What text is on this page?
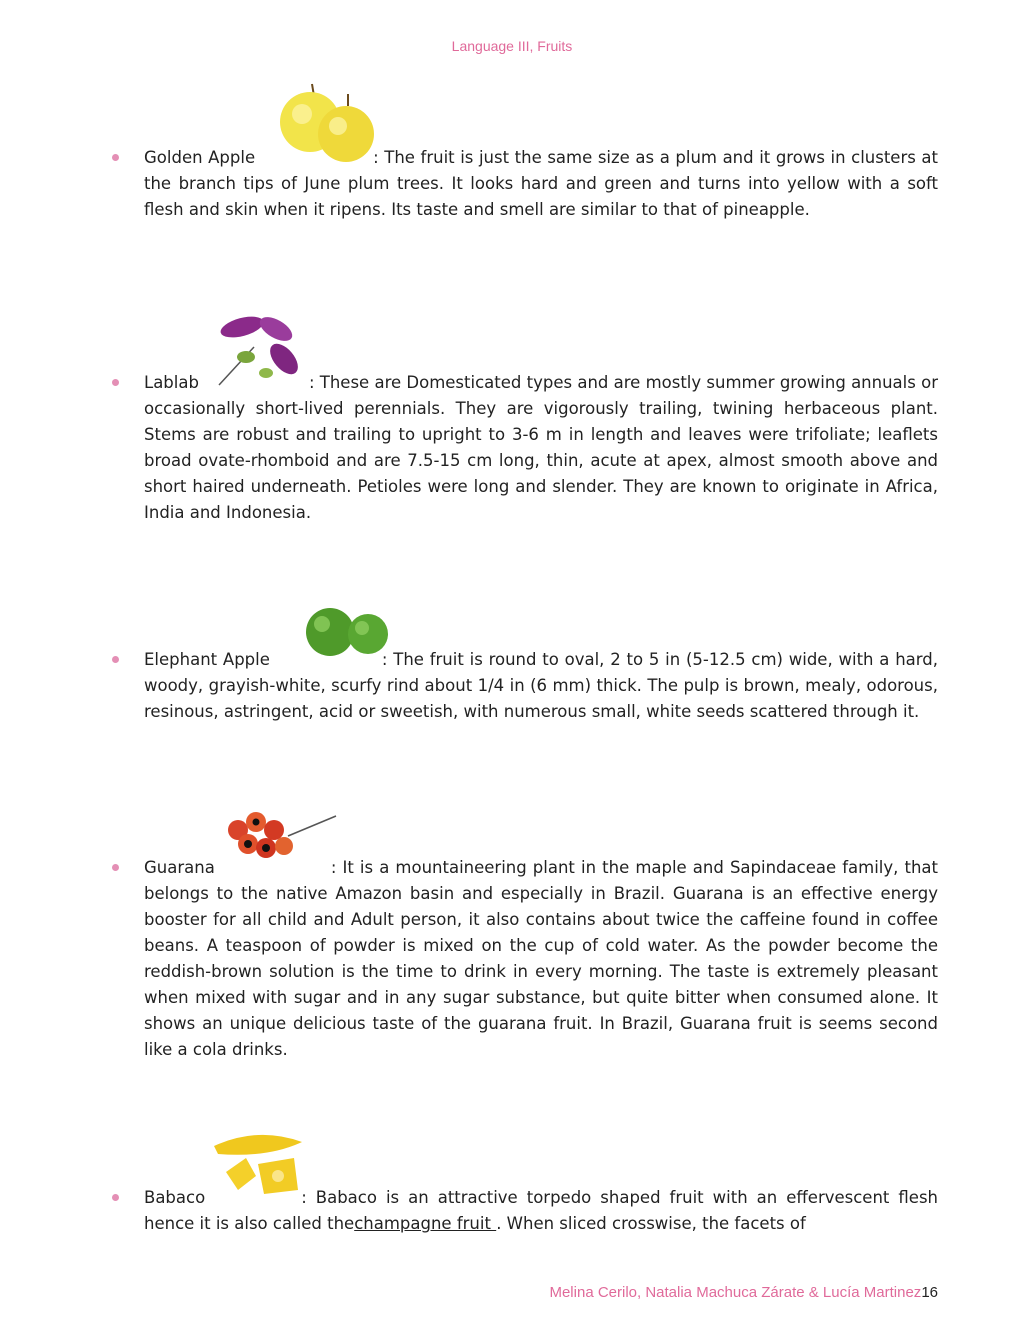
Language III, Fruits

Golden Apple	: The fruit is just the same size as a plum and it grows in clusters at the branch tips of June plum trees. It looks hard and green and turns into yellow with a soft flesh and skin when it ripens. Its taste and smell are similar to that of pineapple.

Lablab	: These are Domesticated types and are mostly summer growing annuals or occasionally short-lived perennials. They are vigorously trailing, twining herbaceous plant. Stems are robust and trailing to upright to 3-6 m in length and leaves were trifoliate; leaflets broad ovate-rhomboid and are 7.5-15 cm long, thin, acute at apex, almost smooth above and short haired underneath. Petioles were long and slender. They are known to originate in Africa, India and Indonesia.

Elephant Apple	: The fruit is round to oval, 2 to 5 in (5-12.5 cm) wide, with a hard, woody, grayish-white, scurfy rind about 1/4 in (6 mm) thick. The pulp is brown, mealy, odorous, resinous, astringent, acid or sweetish, with numerous small, white seeds scattered through it.

Guarana	: It is a mountaineering plant in the maple and Sapindaceae family, that belongs to the native Amazon basin and especially in Brazil. Guarana is an effective energy booster for all child and Adult person, it also contains about twice the caffeine found in coffee beans. A teaspoon of powder is mixed on the cup of cold water. As the powder become the reddish-brown solution is the time to drink in every morning. The taste is extremely pleasant when mixed with sugar and in any sugar substance, but quite bitter when consumed alone. It shows an unique delicious taste of the guarana fruit. In Brazil, Guarana fruit is seems second like a cola drinks.

Babaco	: Babaco is an attractive torpedo shaped fruit with an effervescent flesh hence it is also called thechampagne fruit . When sliced crosswise, the facets of

Melina Cerilo, Natalia Machuca Zárate & Lucía Martinez16
